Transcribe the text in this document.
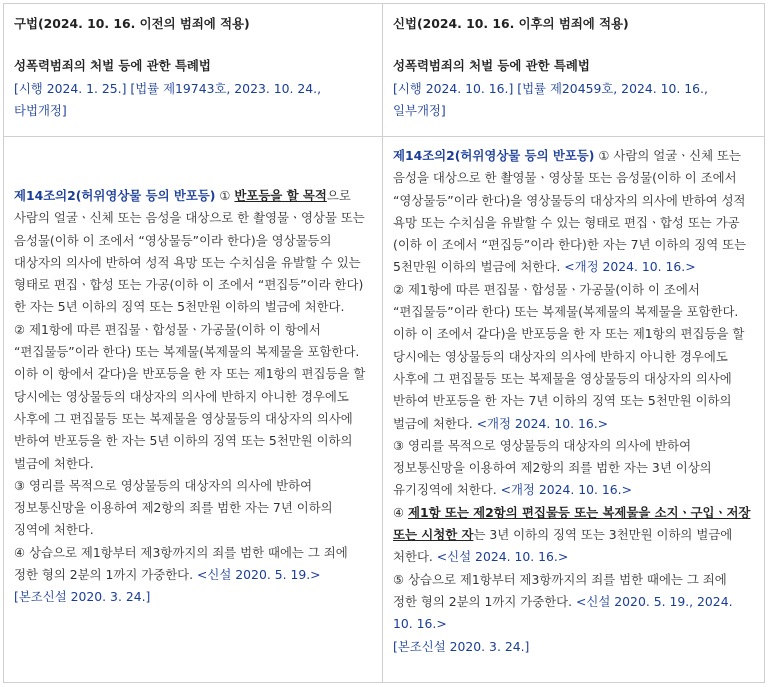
구법(2024. 10. 16. 이전의 범죄에 적용)

성폭력범죄의 처벌 등에 관한 특례법

[시행 2024. 1. 25.] [법률 제19743호, 2023. 10. 24., 타법개정]

신법(2024. 10. 16. 이후의 범죄에 적용)

성폭력범죄의 처벌 등에 관한 특례법

[시행 2024. 10. 16.] [법률 제20459호, 2024. 10. 16., 일부개정]

제14조의2(허위영상물 등의 반포등) ① 반포등을 할 목적으로 사람의 얼굴ㆍ신체 또는 음성을 대상으로 한 촬영물ㆍ영상물 또는 음성물(이하 이 조에서 “영상물등”이라 한다)을 영상물등의 대상자의 의사에 반하여 성적 욕망 또는 수치심을 유발할 수 있는 형태로 편집ㆍ합성 또는 가공(이하 이 조에서 “편집등”이라 한다)한 자는 5년 이하의 징역 또는 5천만원 이하의 벌금에 처한다.

② 제1항에 따른 편집물ㆍ합성물ㆍ가공물(이하 이 항에서 “편집물등”이라 한다) 또는 복제물(복제물의 복제물을 포함한다. 이하 이 항에서 같다)을 반포등을 한 자 또는 제1항의 편집등을 할 당시에는 영상물등의 대상자의 의사에 반하지 아니한 경우에도 사후에 그 편집물등 또는 복제물을 영상물등의 대상자의 의사에 반하여 반포등을 한 자는 5년 이하의 징역 또는 5천만원 이하의 벌금에 처한다.

③ 영리를 목적으로 영상물등의 대상자의 의사에 반하여 정보통신망을 이용하여 제2항의 죄를 범한 자는 7년 이하의 징역에 처한다.

④ 상습으로 제1항부터 제3항까지의 죄를 범한 때에는 그 죄에 정한 형의 2분의 1까지 가중한다. <신설 2020. 5. 19.>

[본조신설 2020. 3. 24.]

제14조의2(허위영상물 등의 반포등) ① 사람의 얼굴ㆍ신체 또는 음성을 대상으로 한 촬영물ㆍ영상물 또는 음성물(이하 이 조에서 “영상물등”이라 한다)을 영상물등의 대상자의 의사에 반하여 성적 욕망 또는 수치심을 유발할 수 있는 형태로 편집ㆍ합성 또는 가공(이하 이 조에서 “편집등”이라 한다)한 자는 7년 이하의 징역 또는 5천만원 이하의 벌금에 처한다. <개정 2024. 10. 16.>

② 제1항에 따른 편집물ㆍ합성물ㆍ가공물(이하 이 조에서 “편집물등”이라 한다) 또는 복제물(복제물의 복제물을 포함한다. 이하 이 조에서 같다)을 반포등을 한 자 또는 제1항의 편집등을 할 당시에는 영상물등의 대상자의 의사에 반하지 아니한 경우에도 사후에 그 편집물등 또는 복제물을 영상물등의 대상자의 의사에 반하여 반포등을 한 자는 7년 이하의 징역 또는 5천만원 이하의 벌금에 처한다. <개정 2024. 10. 16.>

③ 영리를 목적으로 영상물등의 대상자의 의사에 반하여 정보통신망을 이용하여 제2항의 죄를 범한 자는 3년 이상의 유기징역에 처한다. <개정 2024. 10. 16.>

④ 제1항 또는 제2항의 편집물등 또는 복제물을 소지ㆍ구입ㆍ저장 또는 시청한 자는 3년 이하의 징역 또는 3천만원 이하의 벌금에 처한다. <신설 2024. 10. 16.>

⑤ 상습으로 제1항부터 제3항까지의 죄를 범한 때에는 그 죄에 정한 형의 2분의 1까지 가중한다. <신설 2020. 5. 19., 2024. 10. 16.>

[본조신설 2020. 3. 24.]
